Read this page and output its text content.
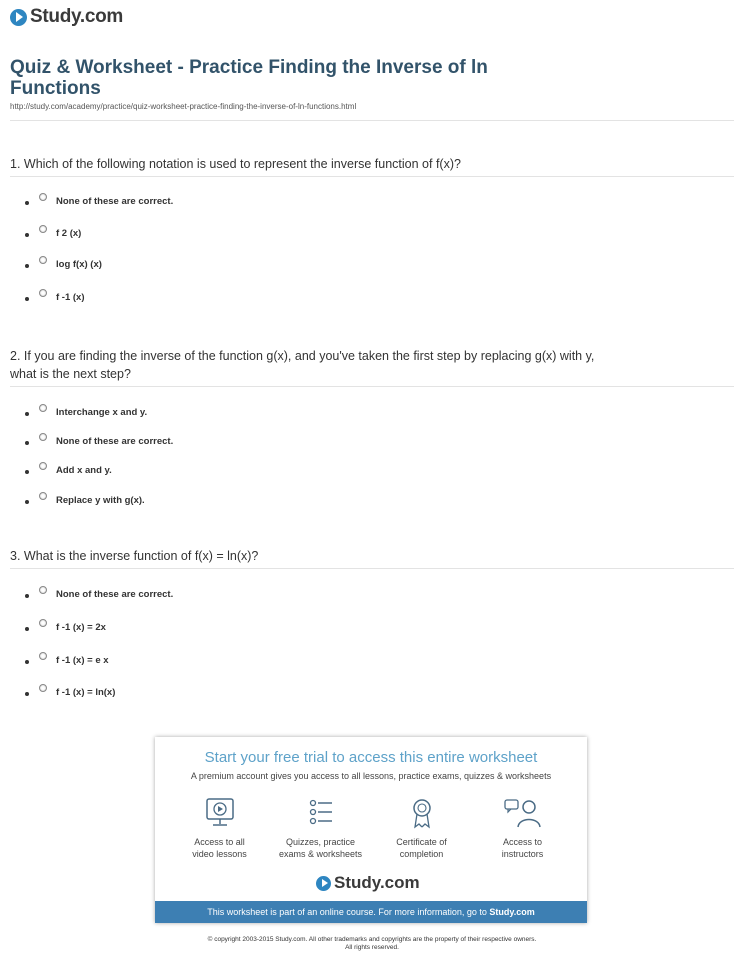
Study.com
Quiz & Worksheet - Practice Finding the Inverse of ln Functions
http://study.com/academy/practice/quiz-worksheet-practice-finding-the-inverse-of-ln-functions.html
1. Which of the following notation is used to represent the inverse function of f(x)?
None of these are correct.
f 2 (x)
log f(x) (x)
f -1 (x)
2. If you are finding the inverse of the function g(x), and you've taken the first step by replacing g(x) with y, what is the next step?
Interchange x and y.
None of these are correct.
Add x and y.
Replace y with g(x).
3. What is the inverse function of f(x) = ln(x)?
None of these are correct.
f -1 (x) = 2x
f -1 (x) = e x
f -1 (x) = ln(x)
Start your free trial to access this entire worksheet
A premium account gives you access to all lessons, practice exams, quizzes & worksheets
Access to all
video lessons
Quizzes, practice
exams & worksheets
Certificate of
completion
Access to
instructors
Study.com
This worksheet is part of an online course. For more information, go to Study.com
© copyright 2003-2015 Study.com. All other trademarks and copyrights are the property of their respective owners.
All rights reserved.
